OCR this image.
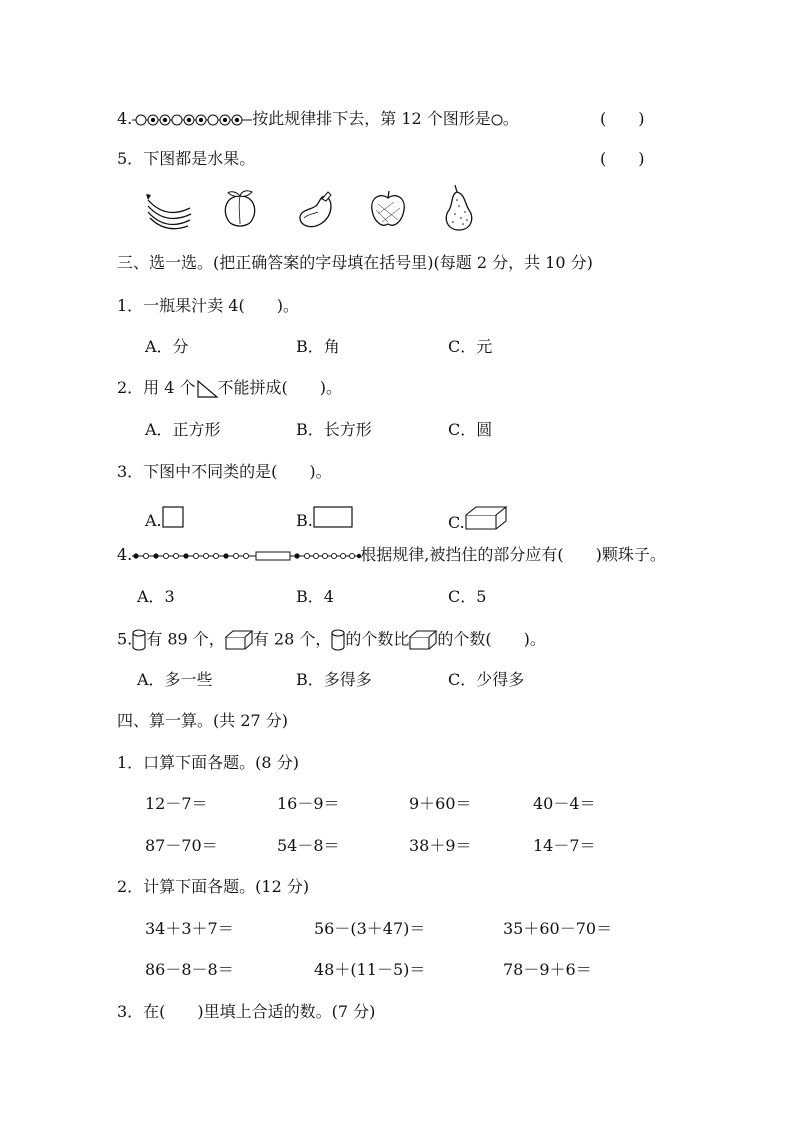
4.	按此规律排下去，第 12 个图形是 。	(　　)
5．下图都是水果。	(　　)
三、选一选。(把正确答案的字母填在括号里)(每题 2 分，共 10 分)
1．一瓶果汁卖 4(　　)。
A．分	B．角	C．元
2．用 4 个 不能拼成(　　)。
A．正方形	B．长方形	C．圆
3．下图中不同类的是(　　)。
A.	B.	C.
4.	根据规律,被挡住的部分应有(　　)颗珠子。
A．3	B．4	C．5
5. 有 89 个， 有 28 个， 的个数比 的个数(　　)。
A．多一些	B．多得多	C．少得多
四、算一算。(共 27 分)
1．口算下面各题。(8 分)
12－7＝	16－9＝	9＋60＝	40－4＝
87－70＝	54－8＝	38＋9＝	14－7＝
2．计算下面各题。(12 分)
34＋3＋7＝	56－(3＋47)＝	35＋60－70＝
86－8－8＝	48＋(11－5)＝	78－9＋6＝
3．在(　　)里填上合适的数。(7 分)
